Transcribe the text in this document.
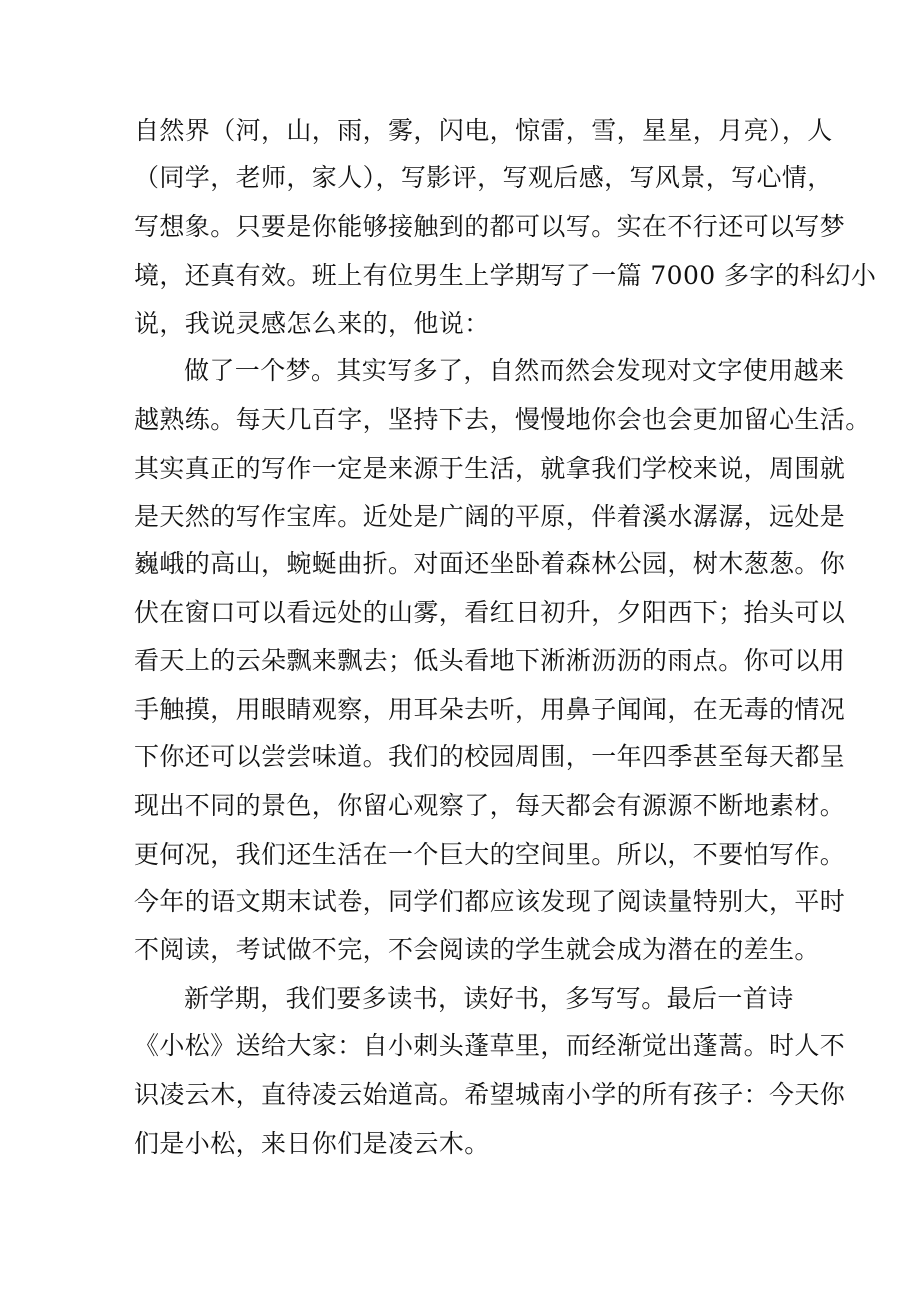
自然界（河，山，雨，雾，闪电，惊雷，雪，星星，月亮），人
（同学，老师，家人），写影评，写观后感，写风景，写心情，
写想象。只要是你能够接触到的都可以写。实在不行还可以写梦
境，还真有效。班上有位男生上学期写了一篇 7000 多字的科幻小
说，我说灵感怎么来的，他说：
做了一个梦。其实写多了，自然而然会发现对文字使用越来
越熟练。每天几百字，坚持下去，慢慢地你会也会更加留心生活。
其实真正的写作一定是来源于生活，就拿我们学校来说，周围就
是天然的写作宝库。近处是广阔的平原，伴着溪水潺潺，远处是
巍峨的高山，蜿蜒曲折。对面还坐卧着森林公园，树木葱葱。你
伏在窗口可以看远处的山雾，看红日初升，夕阳西下；抬头可以
看天上的云朵飘来飘去；低头看地下淅淅沥沥的雨点。你可以用
手触摸，用眼睛观察，用耳朵去听，用鼻子闻闻，在无毒的情况
下你还可以尝尝味道。我们的校园周围，一年四季甚至每天都呈
现出不同的景色，你留心观察了，每天都会有源源不断地素材。
更何况，我们还生活在一个巨大的空间里。所以，不要怕写作。
今年的语文期末试卷，同学们都应该发现了阅读量特别大，平时
不阅读，考试做不完，不会阅读的学生就会成为潜在的差生。
新学期，我们要多读书，读好书，多写写。最后一首诗
《小松》送给大家：自小刺头蓬草里，而经渐觉出蓬蒿。时人不
识凌云木，直待凌云始道高。希望城南小学的所有孩子：今天你
们是小松，来日你们是凌云木。
